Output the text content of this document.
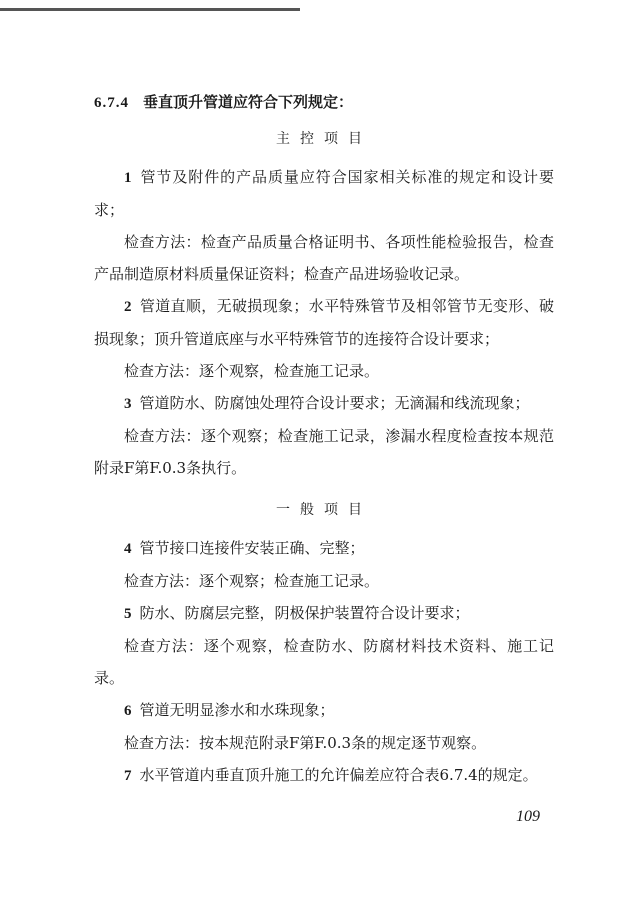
6.7.4 垂直顶升管道应符合下列规定：

主控项目

1 管节及附件的产品质量应符合国家相关标准的规定和设计要求；

检查方法：检查产品质量合格证明书、各项性能检验报告，检查产品制造原材料质量保证资料；检查产品进场验收记录。

2 管道直顺，无破损现象；水平特殊管节及相邻管节无变形、破损现象；顶升管道底座与水平特殊管节的连接符合设计要求；

检查方法：逐个观察，检查施工记录。

3 管道防水、防腐蚀处理符合设计要求；无滴漏和线流现象；

检查方法：逐个观察；检查施工记录，渗漏水程度检查按本规范附录F第F.0.3条执行。

一般项目

4 管节接口连接件安装正确、完整；

检查方法：逐个观察；检查施工记录。

5 防水、防腐层完整，阴极保护装置符合设计要求；

检查方法：逐个观察，检查防水、防腐材料技术资料、施工记录。

6 管道无明显渗水和水珠现象；

检查方法：按本规范附录F第F.0.3条的规定逐节观察。

7 水平管道内垂直顶升施工的允许偏差应符合表6.7.4的规定。

109
